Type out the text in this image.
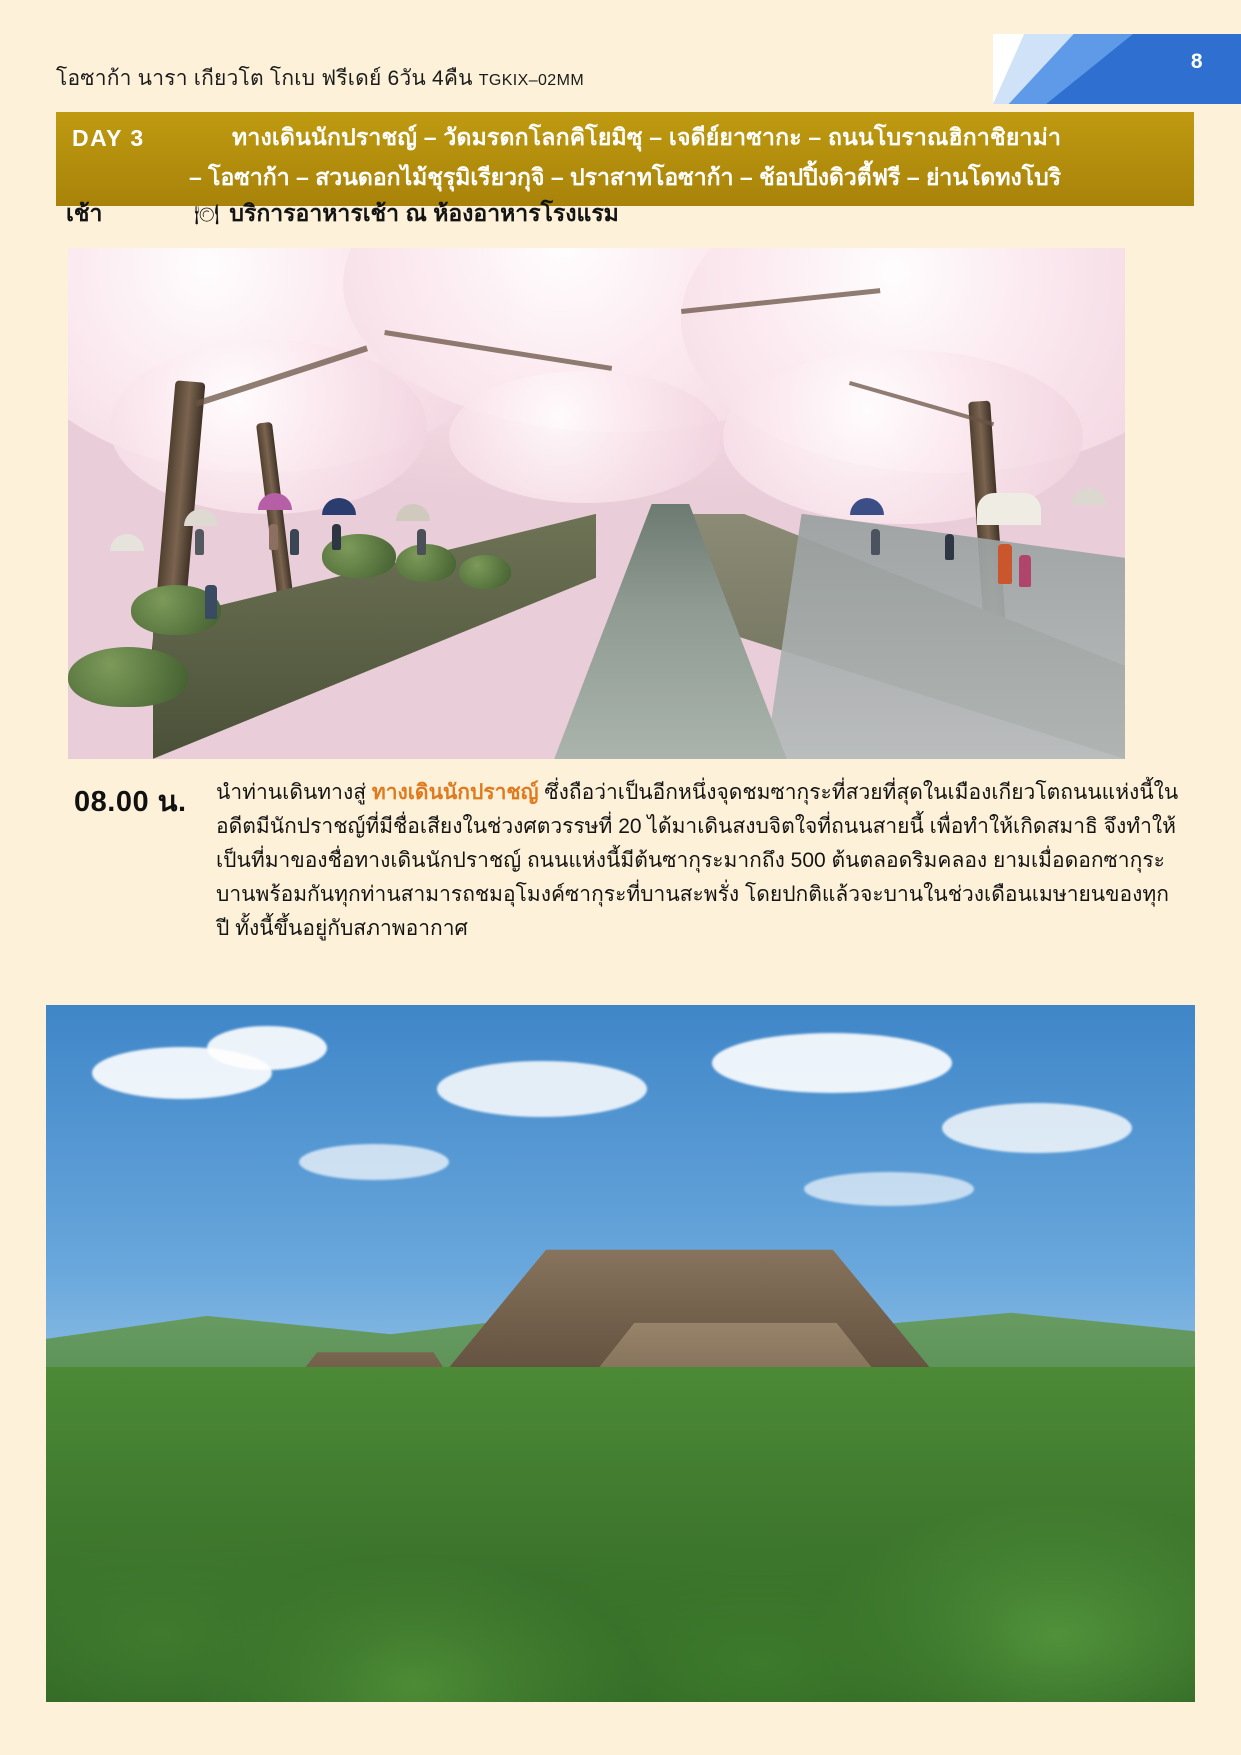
8
โอซาก้า นารา เกียวโต โกเบ ฟรีเดย์ 6วัน 4คืน TGKIX–02MM
DAY 3	ทางเดินนักปราชญ์ – วัดมรดกโลกคิโยมิซุ – เจดีย์ยาซากะ – ถนนโบราณฮิกาชิยาม่า
– โอซาก้า – สวนดอกไม้ชุรุมิเรียวกุจิ – ปราสาทโอซาก้า – ช้อปปิ้งดิวตี้ฟรี – ย่านโดทงโบริ
เช้า	🍽 บริการอาหารเช้า ณ ห้องอาหารโรงแรม
08.00 น. นำท่านเดินทางสู่ ทางเดินนักปราชญ์ ซึ่งถือว่าเป็นอีกหนึ่งจุดชมซากุระที่สวยที่สุดในเมืองเกียวโตถนนแห่งนี้ในอดีตมีนักปราชญ์ที่มีชื่อเสียงในช่วงศตวรรษที่ 20 ได้มาเดินสงบจิตใจที่ถนนสายนี้ เพื่อทำให้เกิดสมาธิ จึงทำให้เป็นที่มาของชื่อทางเดินนักปราชญ์ ถนนแห่งนี้มีต้นซากุระมากถึง 500 ต้นตลอดริมคลอง ยามเมื่อดอกซากุระบานพร้อมกันทุกท่านสามารถชมอุโมงค์ซากุระที่บานสะพรั่ง โดยปกติแล้วจะบานในช่วงเดือนเมษายนของทุกปี ทั้งนี้ขึ้นอยู่กับสภาพอากาศ
